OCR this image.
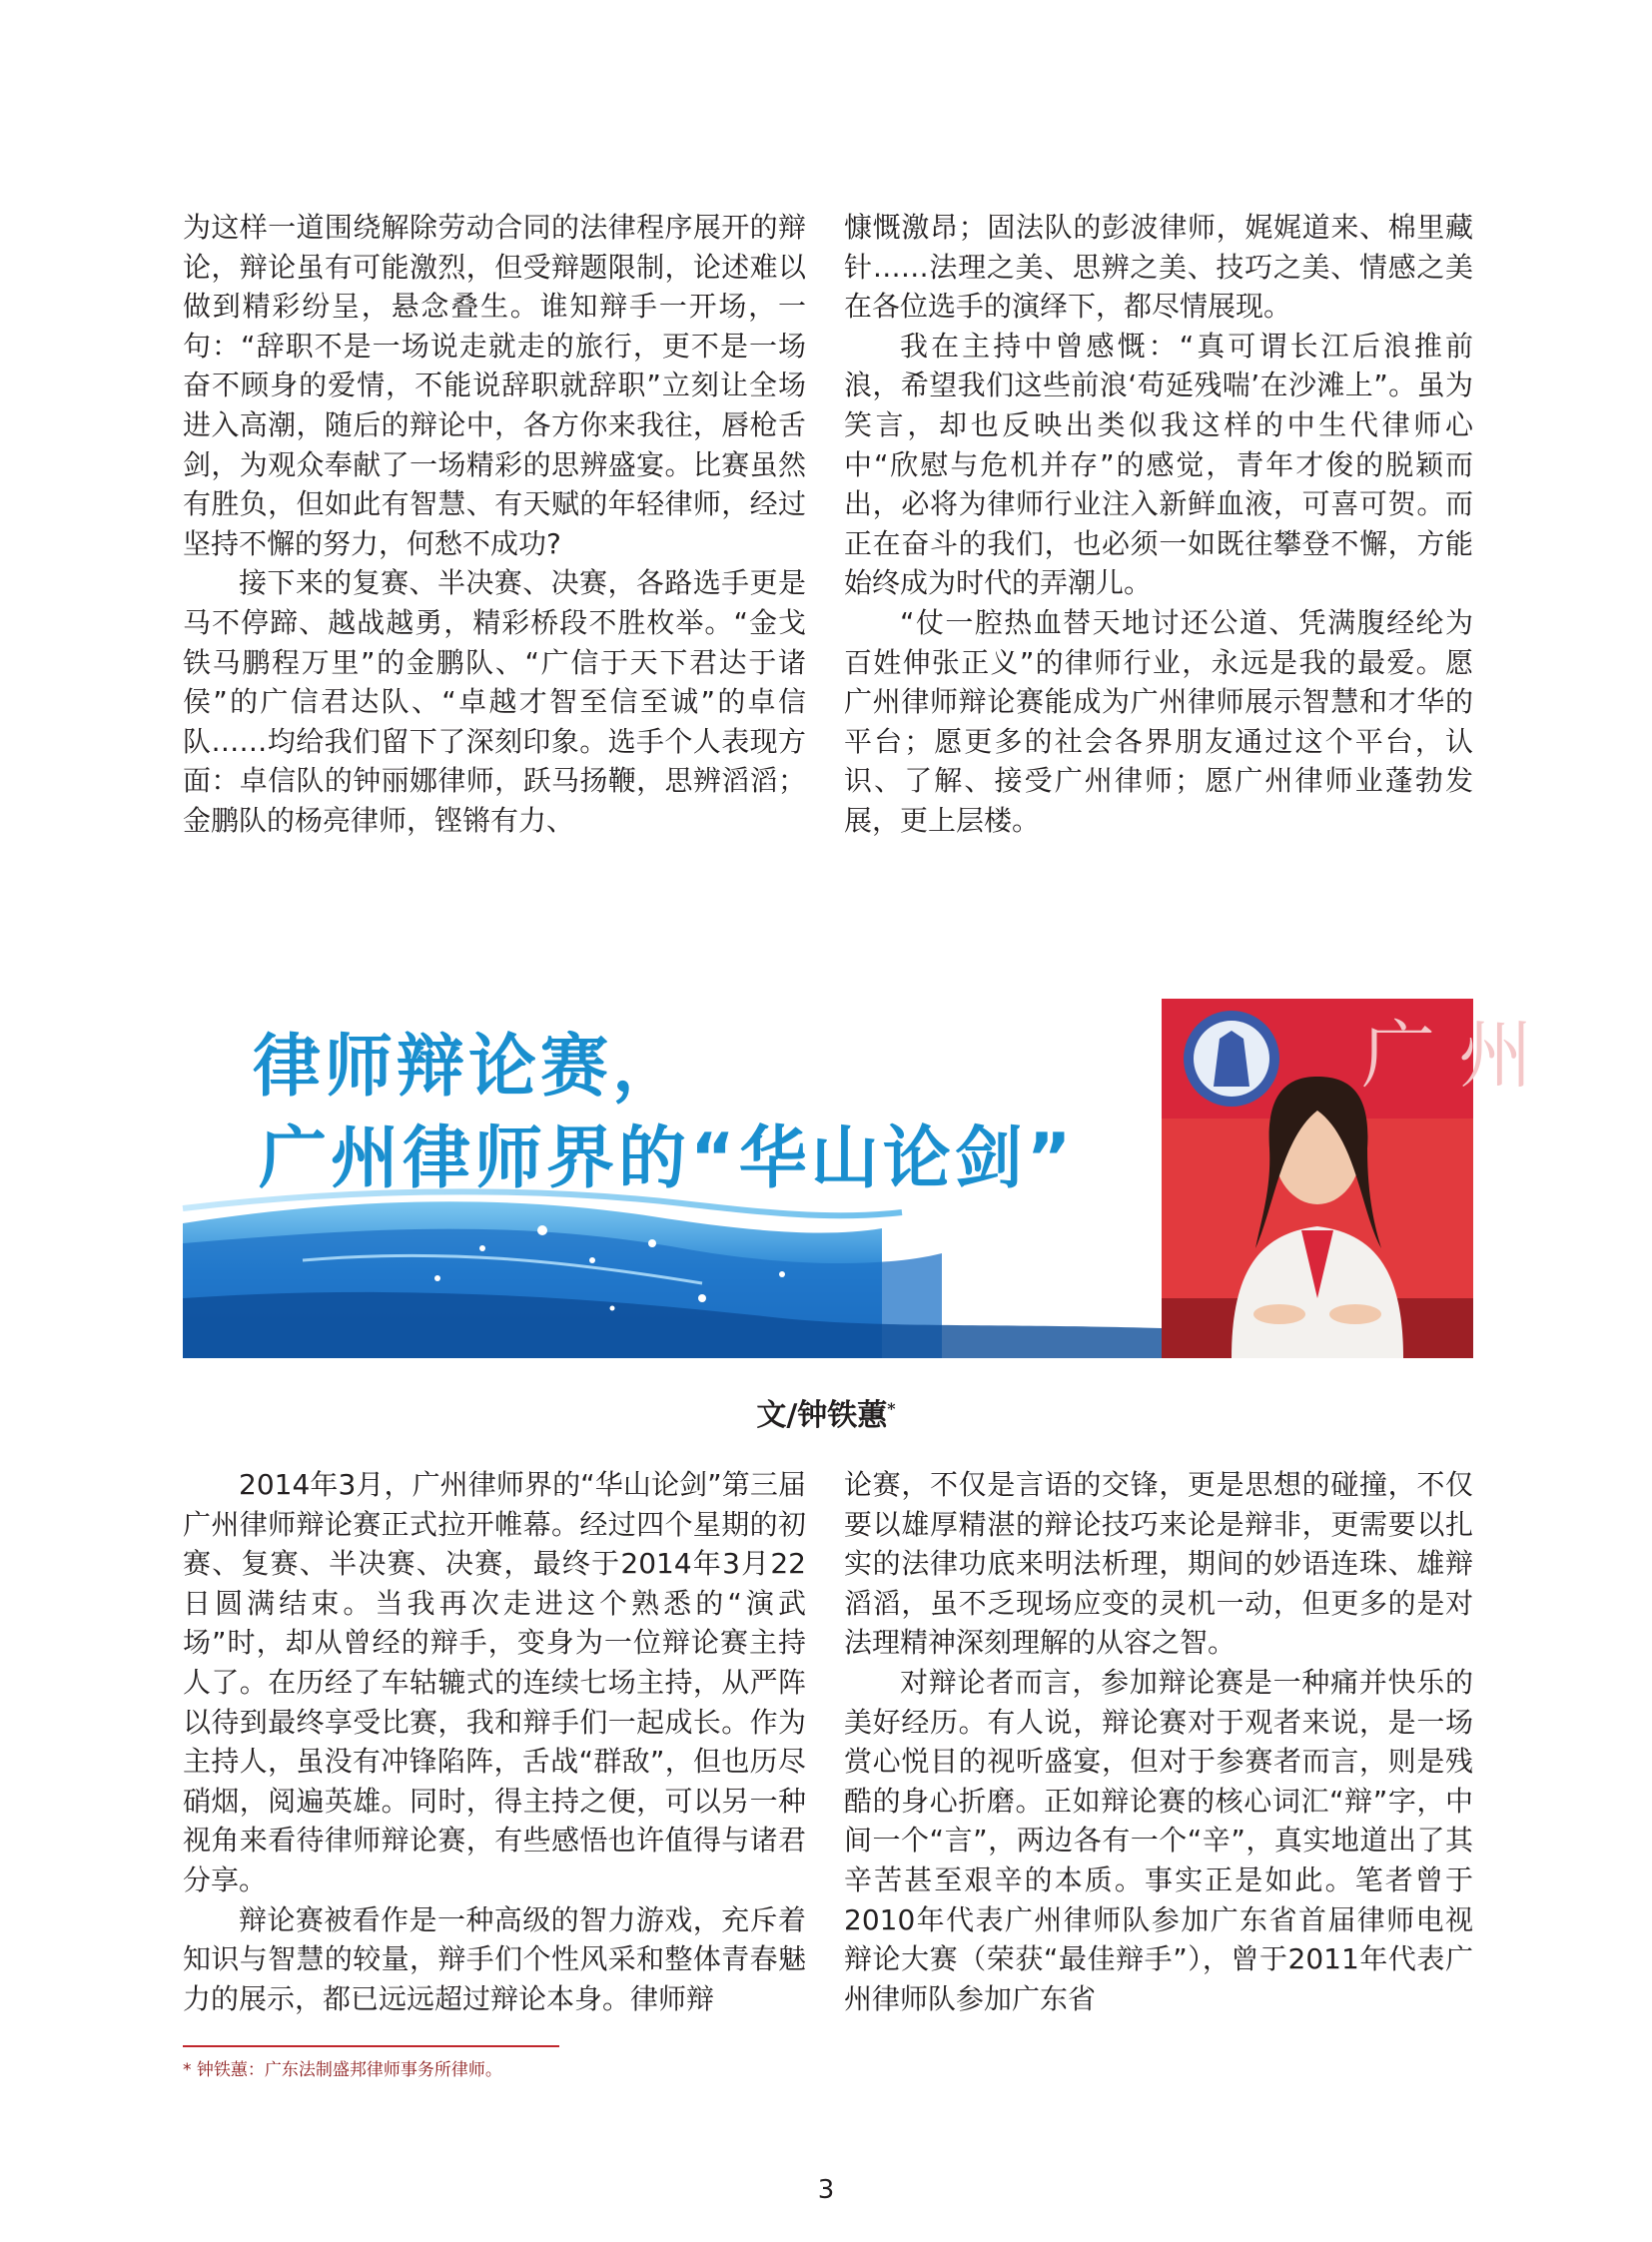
为这样一道围绕解除劳动合同的法律程序展开的辩论，辩论虽有可能激烈，但受辩题限制，论述难以做到精彩纷呈，悬念叠生。谁知辩手一开场，一句：“辞职不是一场说走就走的旅行，更不是一场奋不顾身的爱情，不能说辞职就辞职”立刻让全场进入高潮，随后的辩论中，各方你来我往，唇枪舌剑，为观众奉献了一场精彩的思辨盛宴。比赛虽然有胜负，但如此有智慧、有天赋的年轻律师，经过坚持不懈的努力，何愁不成功?

接下来的复赛、半决赛、决赛，各路选手更是马不停蹄、越战越勇，精彩桥段不胜枚举。“金戈铁马鹏程万里”的金鹏队、“广信于天下君达于诸侯”的广信君达队、“卓越才智至信至诚”的卓信队……均给我们留下了深刻印象。选手个人表现方面：卓信队的钟丽娜律师，跃马扬鞭，思辨滔滔；金鹏队的杨亮律师，铿锵有力、

慷慨激昂；固法队的彭波律师，娓娓道来、棉里藏针……法理之美、思辨之美、技巧之美、情感之美在各位选手的演绎下，都尽情展现。

我在主持中曾感慨：“真可谓长江后浪推前浪，希望我们这些前浪‘苟延残喘’在沙滩上”。虽为笑言，却也反映出类似我这样的中生代律师心中“欣慰与危机并存”的感觉，青年才俊的脱颖而出，必将为律师行业注入新鲜血液，可喜可贺。而正在奋斗的我们，也必须一如既往攀登不懈，方能始终成为时代的弄潮儿。

“仗一腔热血替天地讨还公道、凭满腹经纶为百姓伸张正义”的律师行业，永远是我的最爱。愿广州律师辩论赛能成为广州律师展示智慧和才华的平台；愿更多的社会各界朋友通过这个平台，认识、了解、接受广州律师；愿广州律师业蓬勃发展，更上层楼。

律师辩论赛，
广州律师界的“华山论剑”
广 州
文/钟铁蕙*

2014年3月，广州律师界的“华山论剑”第三届广州律师辩论赛正式拉开帷幕。经过四个星期的初赛、复赛、半决赛、决赛，最终于2014年3月22日圆满结束。当我再次走进这个熟悉的“演武场”时，却从曾经的辩手，变身为一位辩论赛主持人了。在历经了车轱辘式的连续七场主持，从严阵以待到最终享受比赛，我和辩手们一起成长。作为主持人，虽没有冲锋陷阵，舌战“群敌”，但也历尽硝烟，阅遍英雄。同时，得主持之便，可以另一种视角来看待律师辩论赛，有些感悟也许值得与诸君分享。

辩论赛被看作是一种高级的智力游戏，充斥着知识与智慧的较量，辩手们个性风采和整体青春魅力的展示，都已远远超过辩论本身。律师辩

论赛，不仅是言语的交锋，更是思想的碰撞，不仅要以雄厚精湛的辩论技巧来论是辩非，更需要以扎实的法律功底来明法析理，期间的妙语连珠、雄辩滔滔，虽不乏现场应变的灵机一动，但更多的是对法理精神深刻理解的从容之智。

对辩论者而言，参加辩论赛是一种痛并快乐的美好经历。有人说，辩论赛对于观者来说，是一场赏心悦目的视听盛宴，但对于参赛者而言，则是残酷的身心折磨。正如辩论赛的核心词汇“辩”字，中间一个“言”，两边各有一个“辛”，真实地道出了其辛苦甚至艰辛的本质。事实正是如此。笔者曾于2010年代表广州律师队参加广东省首届律师电视辩论大赛（荣获“最佳辩手”），曾于2011年代表广州律师队参加广东省

* 钟铁蕙：广东法制盛邦律师事务所律师。
3
